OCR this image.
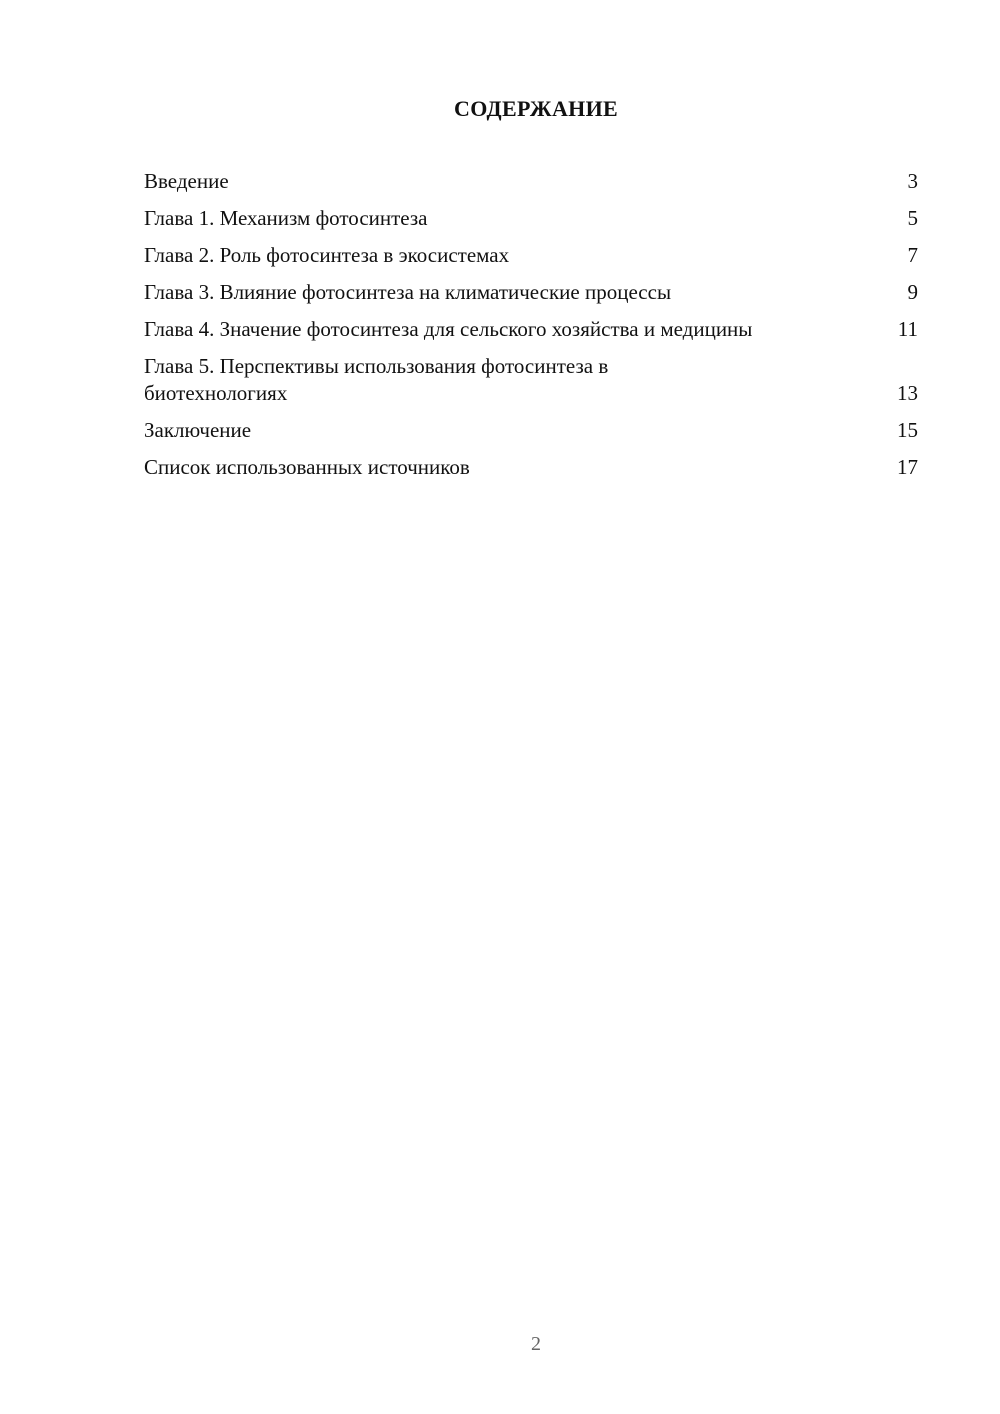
СОДЕРЖАНИЕ
Введение	3
Глава 1. Механизм фотосинтеза	5
Глава 2. Роль фотосинтеза в экосистемах	7
Глава 3. Влияние фотосинтеза на климатические процессы	9
Глава 4. Значение фотосинтеза для сельского хозяйства и медицины	11
Глава 5. Перспективы использования фотосинтеза в биотехнологиях	13
Заключение	15
Список использованных источников	17
2
